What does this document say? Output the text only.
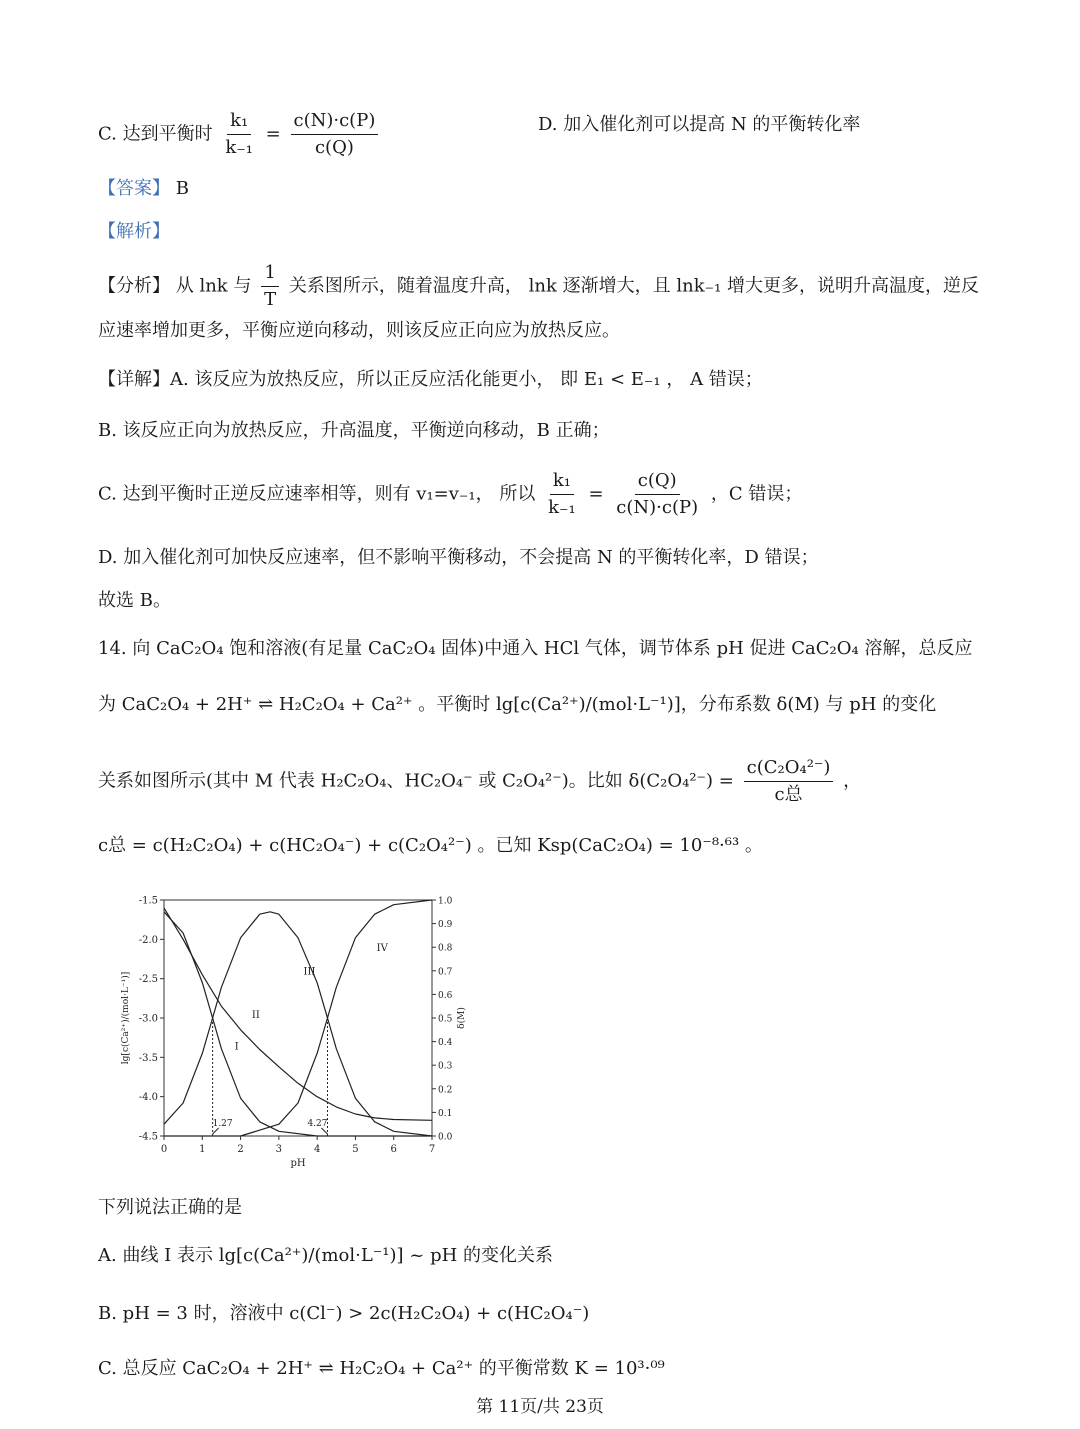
C. 达到平衡时 $\frac{\text{k₁}}{\text{k₋₁}} = \frac{c(N)\cdot c(P)}{c(Q)}$	D. 加入催化剂可以提高 N 的平衡转化率
【答案】 B
【解析】
【分析】 从 lnk 与 $\frac{1}{T}$ 关系图所示，随着温度升高， lnk 逐渐增大，且 lnk₋₁ 增大更多，说明升高温度，逆反
应速率增加更多，平衡应逆向移动，则该反应正向应为放热反应。
【详解】A. 该反应为放热反应，所以正反应活化能更小， 即 E₁ < E₋₁ ， A 错误；
B. 该反应正向为放热反应，升高温度，平衡逆向移动，B 正确；
C. 达到平衡时正逆反应速率相等，则有 v₁=v₋₁， 所以 $\frac{\text{k₁}}{\text{k₋₁}} = \frac{c(Q)}{c(N)\cdot c(P)}$ ，C 错误；
D. 加入催化剂可加快反应速率，但不影响平衡移动，不会提高 N 的平衡转化率，D 错误；
故选 B。
14. 向 CaC₂O₄ 饱和溶液(有足量 CaC₂O₄ 固体)中通入 HCl 气体，调节体系 pH 促进 CaC₂O₄ 溶解，总反应
为 CaC₂O₄ + 2H⁺ ⇌ H₂C₂O₄ + Ca²⁺ 。平衡时 lg[c(Ca²⁺)/(mol·L⁻¹)]，分布系数 δ(M) 与 pH 的变化
关系如图所示(其中 M 代表 H₂C₂O₄、HC₂O₄⁻ 或 C₂O₄²⁻)。比如 $\delta(C_2O_4^{2-}) = \frac{\text{c(C₂O₄²⁻)}}{\text{c总}}$ ，
c总 = c(H₂C₂O₄) + c(HC₂O₄⁻) + c(C₂O₄²⁻) 。已知 Ksp(CaC₂O₄) = 10⁻⁸·⁶³ 。
0	1	2	3	4	5	6	7
-1.5
-2.0
-2.5
-3.0
-3.5
-4.0
-4.5
1.0
0.9
0.8
0.7
0.6
0.5
0.4
0.3
0.2
0.1
0.0
pH
lg[c(Ca²⁺)/(mol·L⁻¹)]	δ(M)
I
II
III
IV
1.27	4.27
下列说法正确的是
A. 曲线 I 表示 lg[c(Ca²⁺)/(mol·L⁻¹)] ~ pH 的变化关系
B. pH = 3 时，溶液中 c(Cl⁻) > 2c(H₂C₂O₄) + c(HC₂O₄⁻)
C. 总反应 CaC₂O₄ + 2H⁺ ⇌ H₂C₂O₄ + Ca²⁺ 的平衡常数 K = 10³·⁰⁹
第 11页/共 23页
